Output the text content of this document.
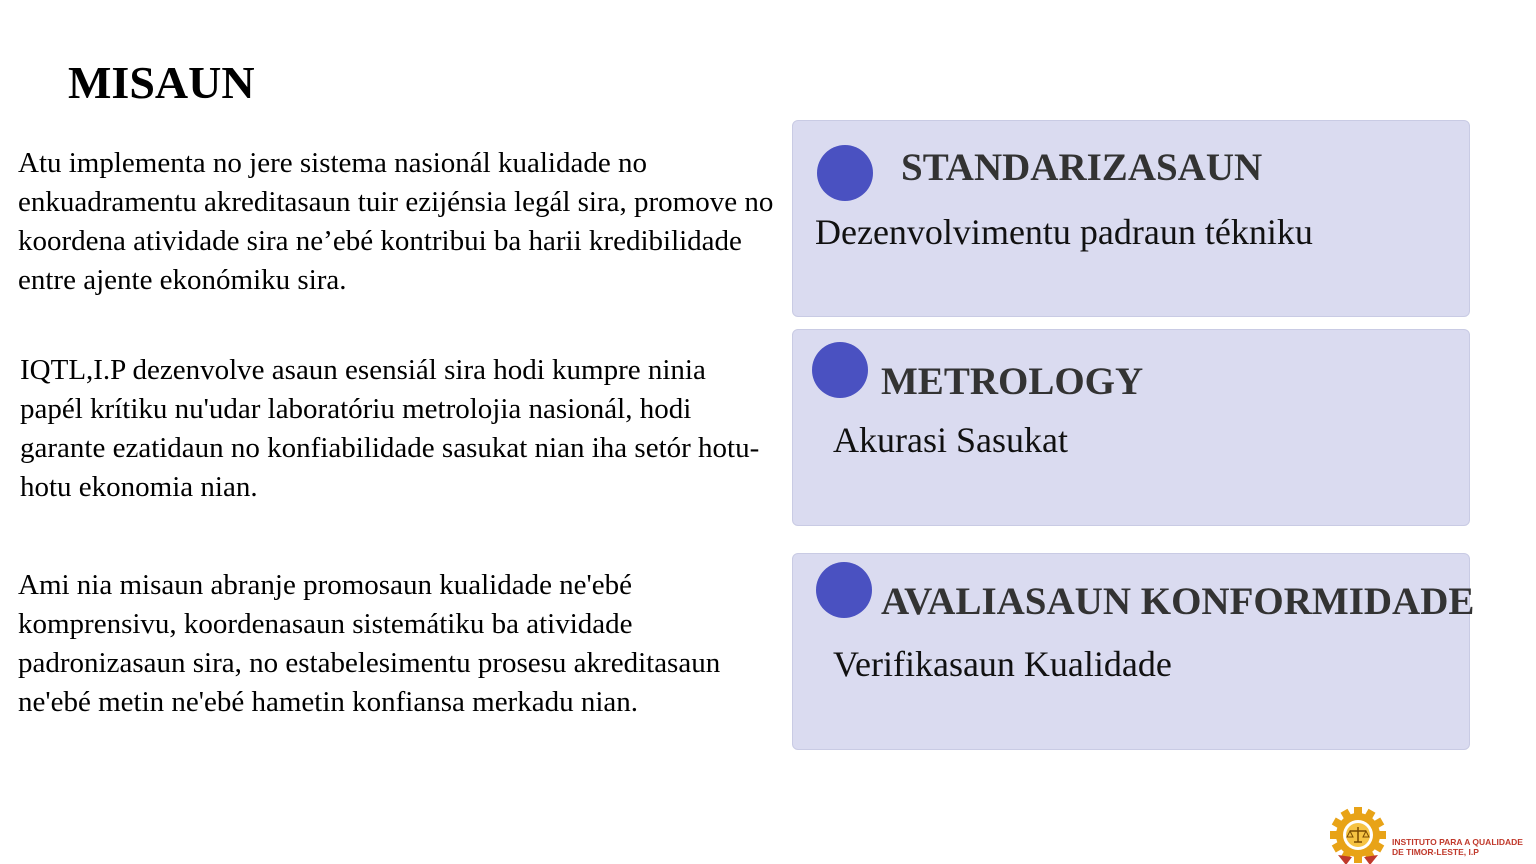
MISAUN

Atu implementa no jere sistema nasionál kualidade no enkuadramentu akreditasaun tuir ezijénsia legál sira, promove no koordena atividade sira ne’ebé kontribui ba harii kredibilidade entre ajente ekonómiku sira.

IQTL,I.P dezenvolve asaun esensiál sira hodi kumpre ninia papél krítiku nu'udar laboratóriu metrolojia nasionál, hodi garante ezatidaun no konfiabilidade sasukat nian iha setór hotu-hotu ekonomia nian.

Ami nia misaun abranje promosaun kualidade ne'ebé komprensivu, koordenasaun sistemátiku ba atividade padronizasaun sira, no estabelesimentu prosesu akreditasaun ne'ebé metin ne'ebé hametin konfiansa merkadu nian.

STANDARIZASAUN
Dezenvolvimentu padraun tékniku
METROLOGY
Akurasi Sasukat
AVALIASAUN KONFORMIDADE
Verifikasaun Kualidade
INSTITUTO PARA A QUALIDADE
DE TIMOR-LESTE, I.P
